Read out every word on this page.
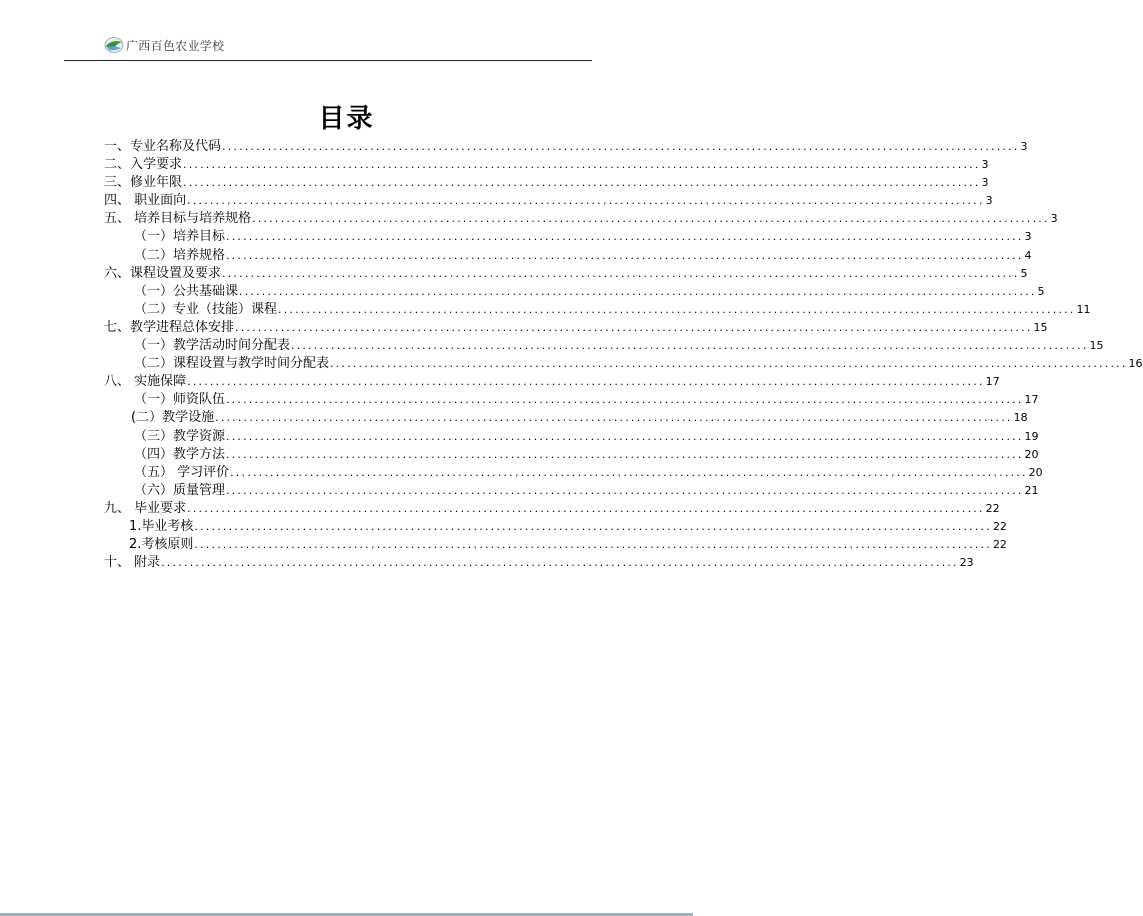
广西百色农业学校
目录
一、专业名称及代码 ............................................................................................................................................ 3
二、入学要求 ............................................................................................................................................ 3
三、修业年限 ............................................................................................................................................ 3
四、 职业面向 ............................................................................................................................................ 3
五、 培养目标与培养规格 ............................................................................................................................................ 3
（一）培养目标 ............................................................................................................................................ 3
（二）培养规格 ............................................................................................................................................ 4
六、课程设置及要求 ............................................................................................................................................ 5
（一）公共基础课 ............................................................................................................................................ 5
（二）专业（技能）课程 ............................................................................................................................................ 11
七、教学进程总体安排 ............................................................................................................................................ 15
（一）教学活动时间分配表 ............................................................................................................................................ 15
（二）课程设置与教学时间分配表 ............................................................................................................................................ 16
八、 实施保障 ............................................................................................................................................ 17
（一）师资队伍 ............................................................................................................................................ 17
(二）教学设施 ............................................................................................................................................ 18
（三）教学资源 ............................................................................................................................................ 19
（四）教学方法 ............................................................................................................................................ 20
（五） 学习评价 ............................................................................................................................................ 20
（六）质量管理 ............................................................................................................................................ 21
九、 毕业要求 ............................................................................................................................................ 22
1.毕业考核 ............................................................................................................................................ 22
2.考核原则 ............................................................................................................................................ 22
十、 附录 ............................................................................................................................................ 23
